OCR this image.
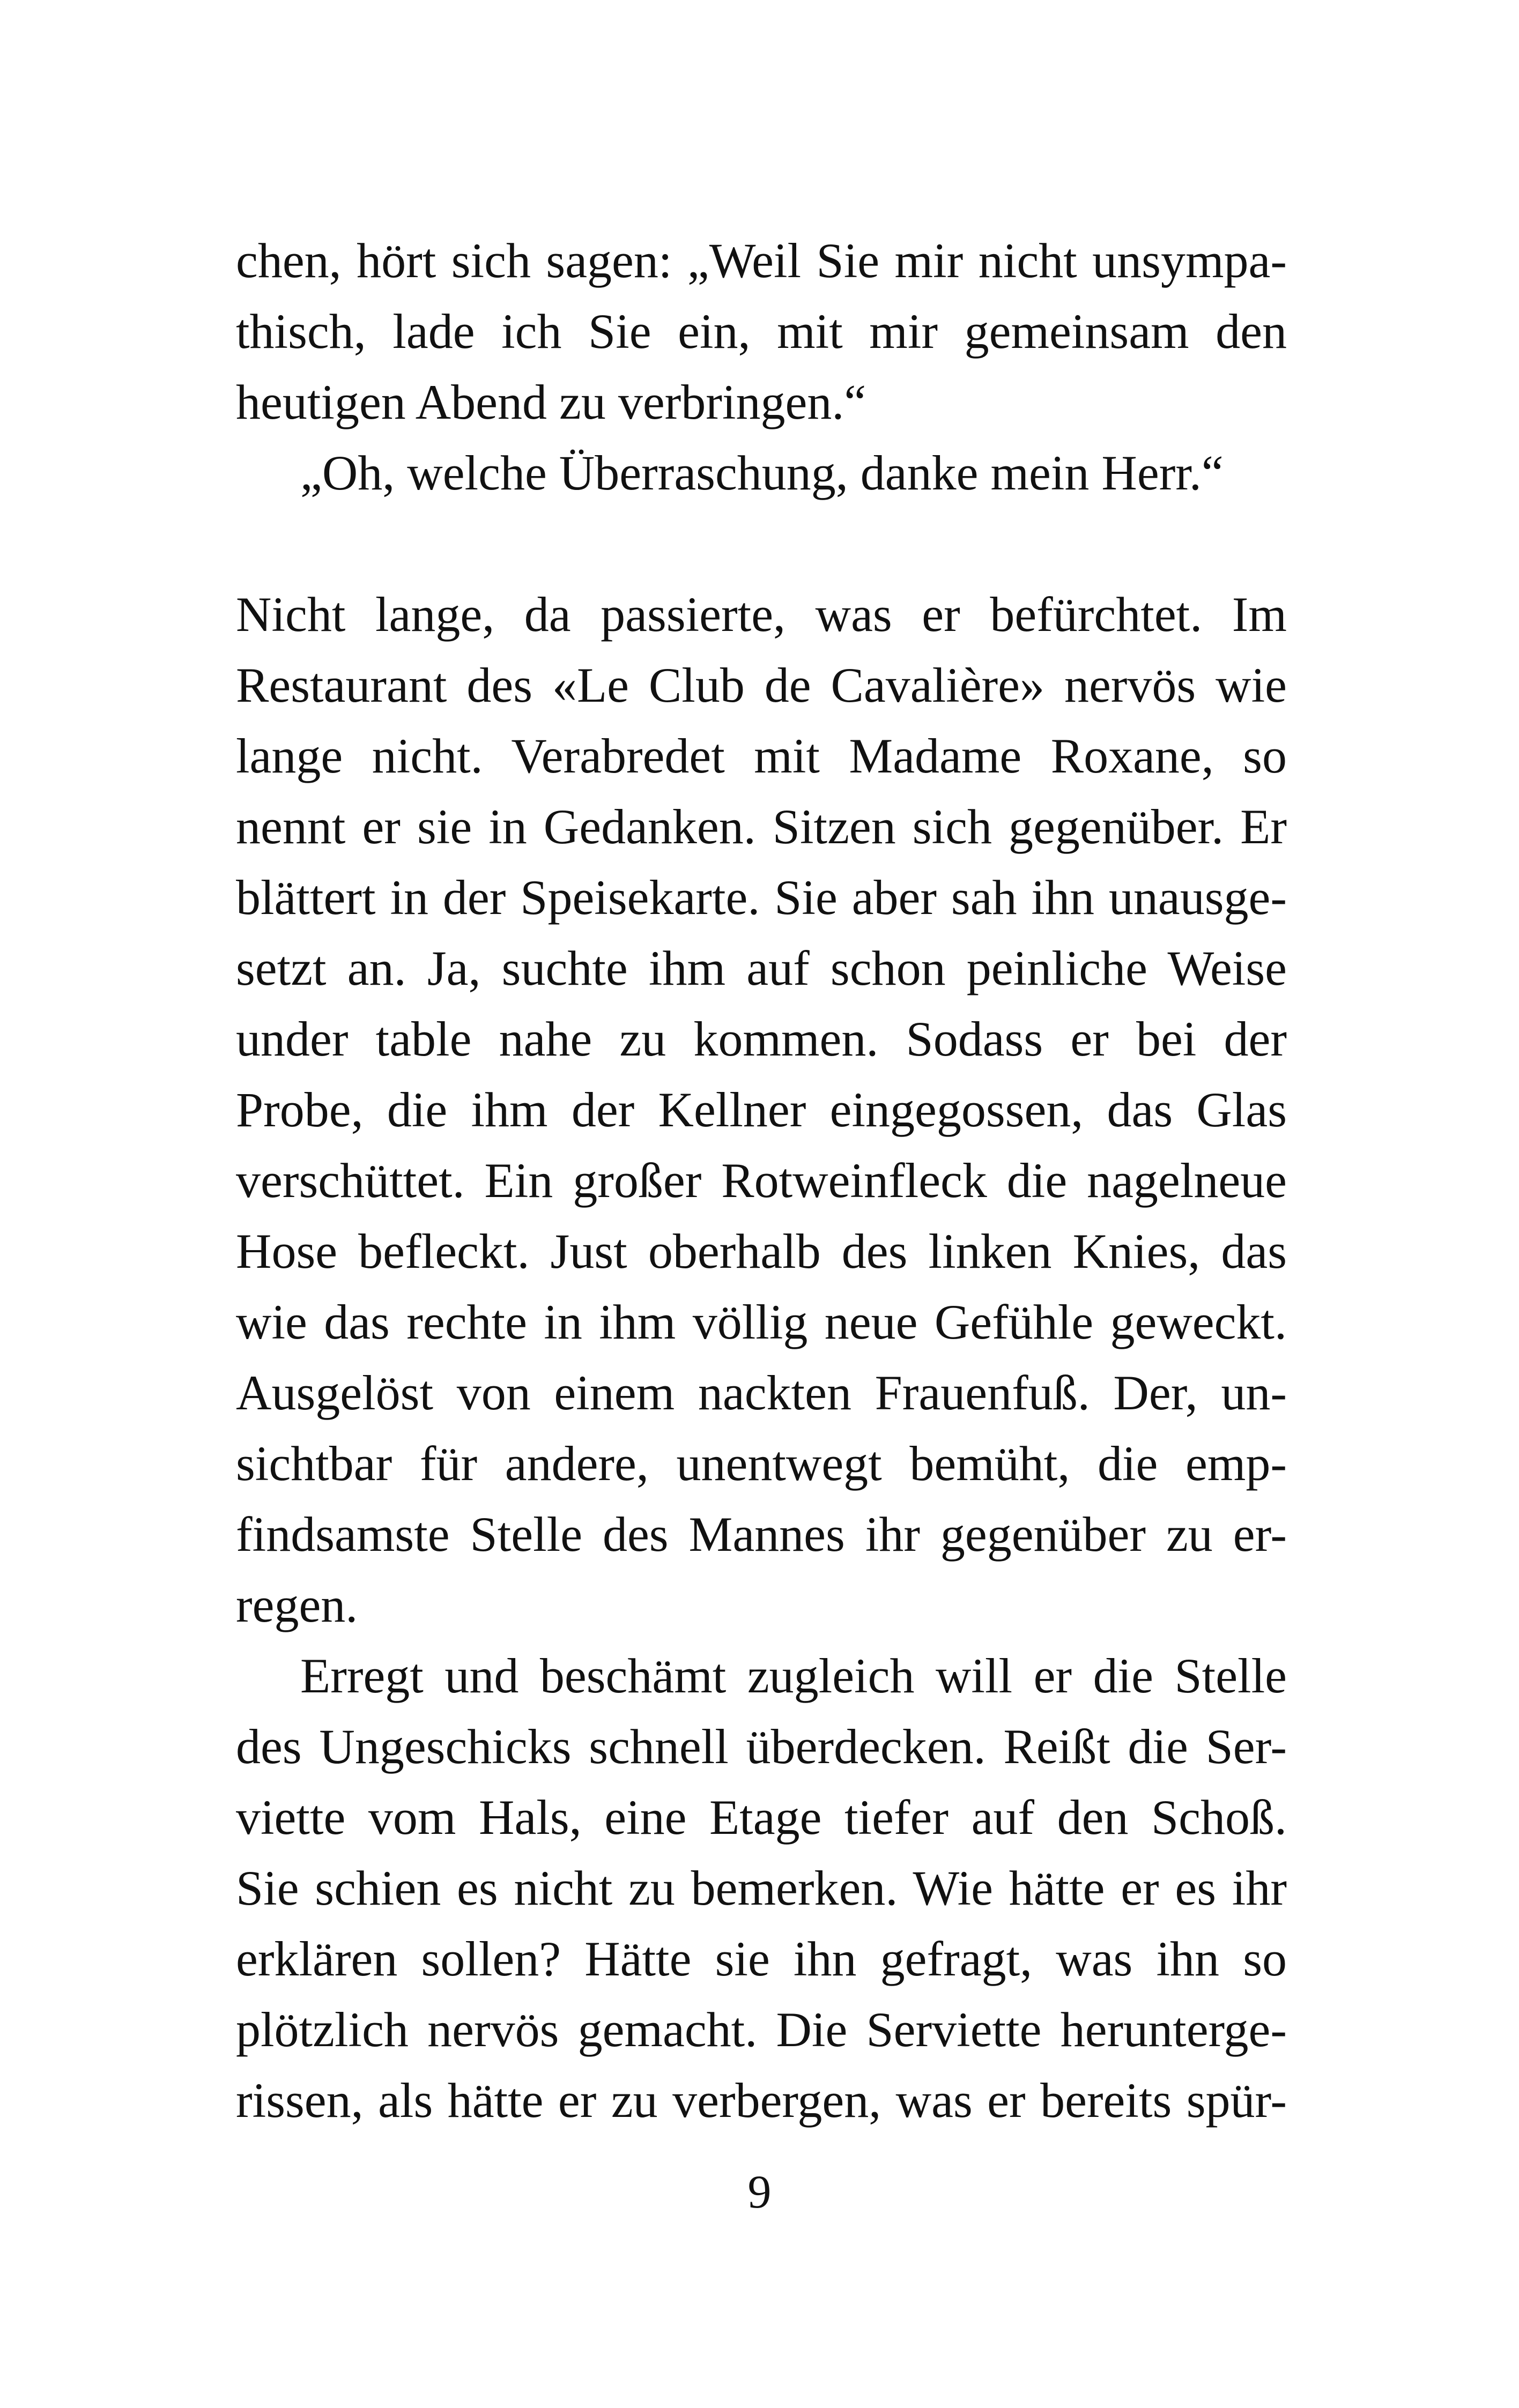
chen, hört sich sagen: „Weil Sie mir nicht unsympa-
thisch, lade ich Sie ein, mit mir gemeinsam den
heutigen Abend zu verbringen.“
„Oh, welche Überraschung, danke mein Herr.“
Nicht lange, da passierte, was er befürchtet. Im
Restaurant des «Le Club de Cavalière» nervös wie
lange nicht. Verabredet mit Madame Roxane, so
nennt er sie in Gedanken. Sitzen sich gegenüber. Er
blättert in der Speisekarte. Sie aber sah ihn unausge-
setzt an. Ja, suchte ihm auf schon peinliche Weise
under table nahe zu kommen. Sodass er bei der
Probe, die ihm der Kellner eingegossen, das Glas
verschüttet. Ein großer Rotweinfleck die nagelneue
Hose befleckt. Just oberhalb des linken Knies, das
wie das rechte in ihm völlig neue Gefühle geweckt.
Ausgelöst von einem nackten Frauenfuß. Der, un-
sichtbar für andere, unentwegt bemüht, die emp-
findsamste Stelle des Mannes ihr gegenüber zu er-
regen.
Erregt und beschämt zugleich will er die Stelle
des Ungeschicks schnell überdecken. Reißt die Ser-
viette vom Hals, eine Etage tiefer auf den Schoß.
Sie schien es nicht zu bemerken. Wie hätte er es ihr
erklären sollen? Hätte sie ihn gefragt, was ihn so
plötzlich nervös gemacht. Die Serviette herunterge-
rissen, als hätte er zu verbergen, was er bereits spür-
9
